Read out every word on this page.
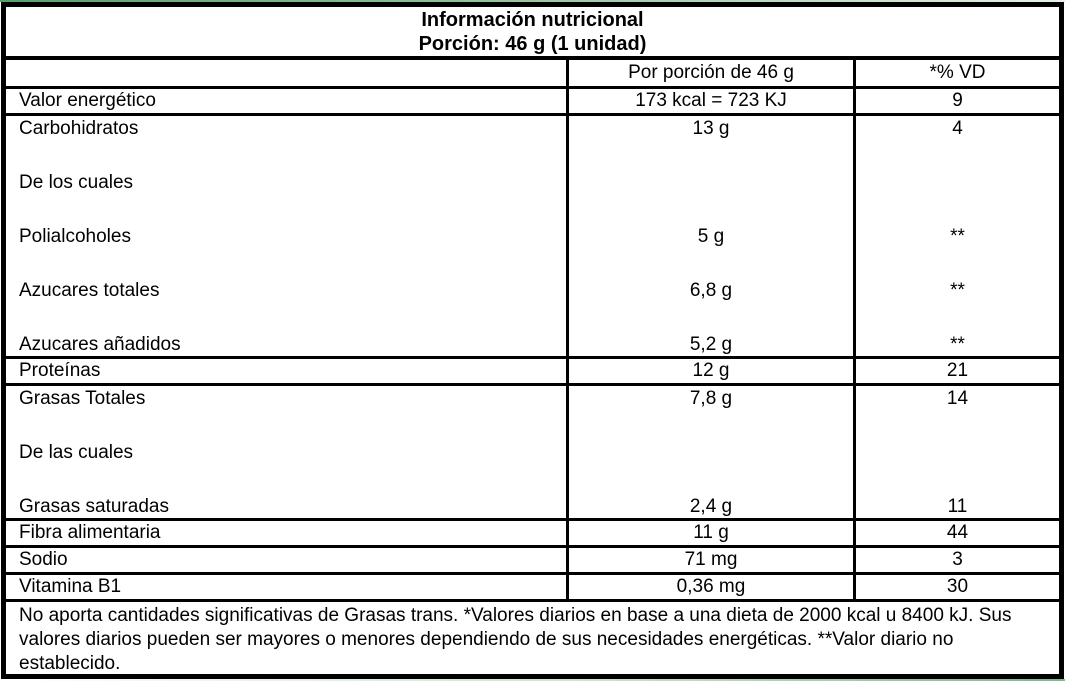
Información nutricional
Porción: 46 g (1 unidad)
Por porción de 46 g	*% VD
Valor energético	173 kcal = 723 KJ	9
Carbohidratos
De los cuales
Polialcoholes
Azucares totales
Azucares añadidos
13 g
5 g
6,8 g
5,2 g
4
**
**
**
Proteínas	12 g	21
Grasas Totales
De las cuales
Grasas saturadas
7,8 g
2,4 g
14
11
Fibra alimentaria	11 g	44
Sodio	71 mg	3
Vitamina B1	0,36 mg	30
No aporta cantidades significativas de Grasas trans. *Valores diarios en base a una dieta de 2000 kcal u 8400 kJ. Sus valores diarios pueden ser mayores o menores dependiendo de sus necesidades energéticas. **Valor diario no establecido.
